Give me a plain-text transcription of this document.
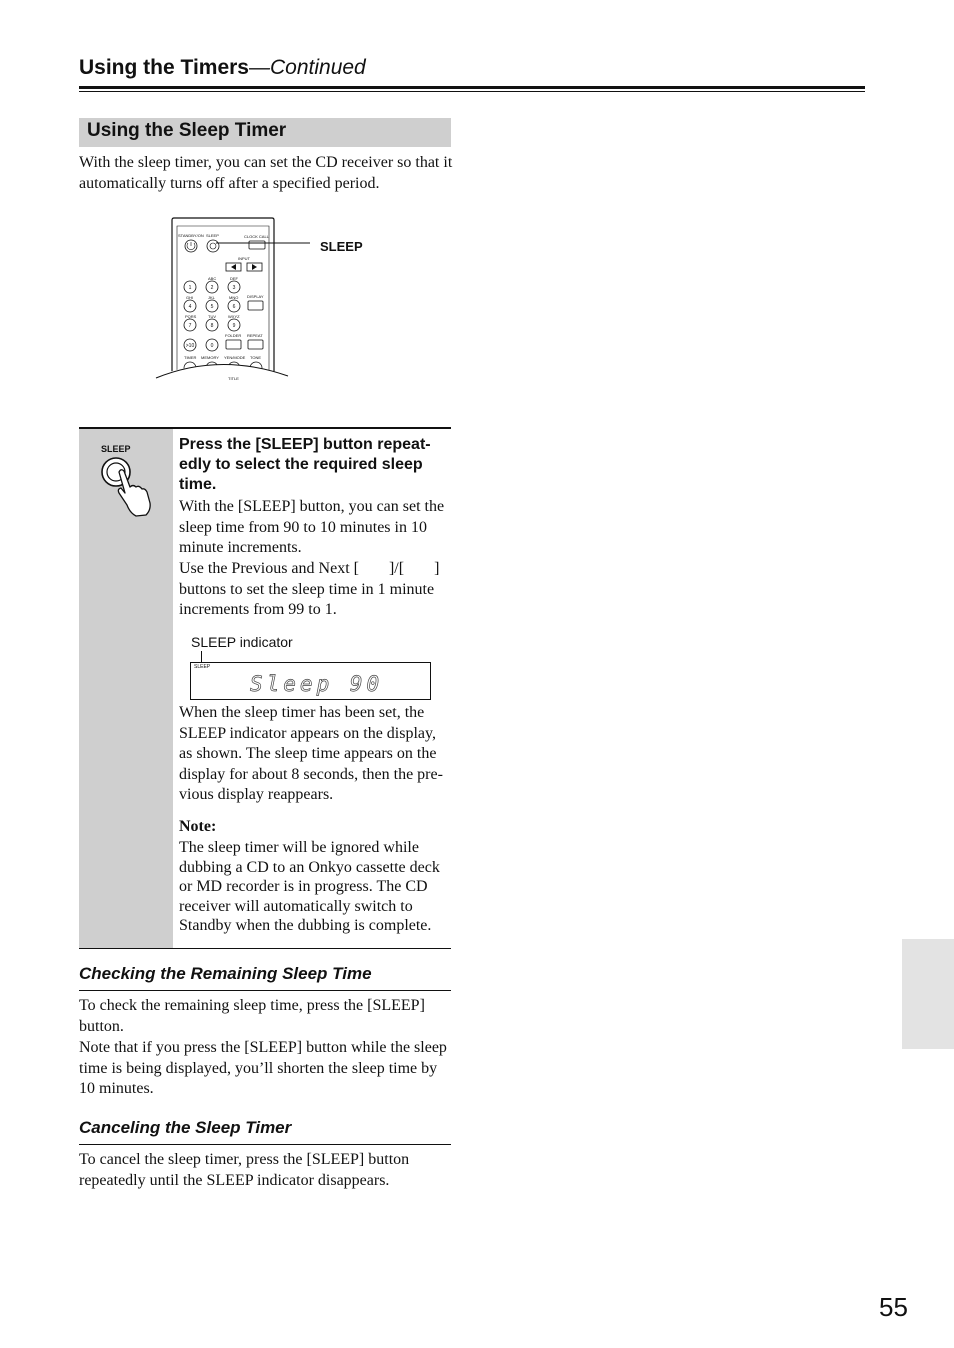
Using the Timers—Continued
Using the Sleep Timer
With the sleep timer, you can set the CD receiver so that it automatically turns off after a specified period.
STANDBY/ON SLEEP	CLOCK CALL
INPUT
ABC	DEF
GHI	JKL	MNO DISPLAY
PQRS	TUV	WXYZ
FOLDER REPEAT
TIMER MEMORY YEN/MODE TONE
TITLE
1	2	3
4	5	6
7	8	9
>10	0
SLEEP
SLEEP	Press the [SLEEP] button repeat-edly to select the required sleep time.
With the [SLEEP] button, you can set the sleep time from 90 to 10 minutes in 10 minute increments.
Use the Previous and Next [ ]/[ ] buttons to set the sleep time in 1 minute increments from 99 to 1.
SLEEP indicator
SLEEP
Sleep 90
When the sleep timer has been set, the SLEEP indicator appears on the display, as shown. The sleep time appears on the display for about 8 seconds, then the pre-vious display reappears.
Note:
The sleep timer will be ignored while dubbing a CD to an Onkyo cassette deck or MD recorder is in progress. The CD receiver will automatically switch to Standby when the dubbing is complete.
Checking the Remaining Sleep Time
To check the remaining sleep time, press the [SLEEP] button.
Note that if you press the [SLEEP] button while the sleep time is being displayed, you’ll shorten the sleep time by 10 minutes.
Canceling the Sleep Timer
To cancel the sleep timer, press the [SLEEP] button repeatedly until the SLEEP indicator disappears.
55
